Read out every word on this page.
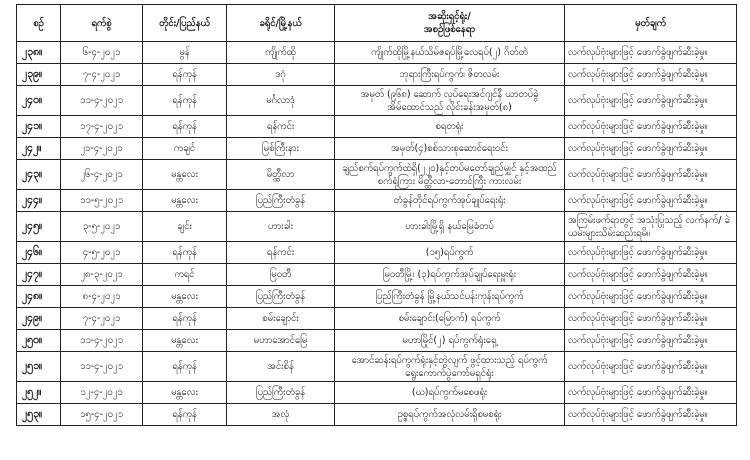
စဉ်	ရက်စွဲ	တိုင်း/ပြည်နယ်	ခရိုင်/မြို့နယ်	အဆိုးရှင့်ရုံး/
အစဉ်ဖြစ်နေရာ	မှတ်ချက်
၂၃၈။	၆-၄-၂၀၂၁	မွန်	ကျိုက်ထို	ကျိုက်ထိုမြို့နယ်သိမ်ဇရပ်မြို့လေရပ်(၂) ဂိတ်တဲ	လက်လုပ်ဗုံးများဖြင့် ဖောက်ခွဲဖျက်ဆီးခဲ့မှု။
၂၃၉။	၇-၄-၂၀၂၁	ရန်ကုန်	ဒဂုံ	ဘုရားကြီးရပ်ကွက်၊ ဇိတလမ်း	လက်လုပ်ဗုံးများဖြင့် ဖောက်ခွဲဖျက်ဆီးခဲ့မှု။
၂၄၀။	၁၁-၄-၂၀၂၁	ရန်ကုန်	မင်္ဂလာဒုံ	အမှတ် (၉၆၈) ဆောက် လုပ်ရေးအင်ဂျင်နီ ယာတပ်ခွဲ အိမ်ထောင်သည် လိုင်းခန်းအမှတ်(၈)	လက်လုပ်ဗုံးများဖြင့် ဖောက်ခွဲဖျက်ဆီးခဲ့မှု။
၂၄၁။	၁၇-၄-၂၀၂၁	ရန်ကုန်	ရန်ကင်း	စရတရုံး	လက်လုပ်ဗုံးများဖြင့် ဖောက်ခွဲဖျက်ဆီးခဲ့မှု။
၂၄၂။	၂၁-၄-၂၀၂၁	ကချင်	မြစ်ကြီးနား	အမှတ်(၄)စစ်သားစုဆောင်ရေးဝင်း	လက်လုပ်ဗုံးများဖြင့် ဖောက်ခွဲဖျက်ဆီးခဲ့မှု။
၂၄၃။	၂၆-၄-၂၀၂၁	မန္တလေး	မိတ္ထီလာ	ချည်စက်ရပ်ကွက်ထဲရှိ(၂၂၀)နှင့်တပ်မတော်ချည်မျှင် နှင့်အထည်စက်ရုံကြား မိတ္ထီလာ-တောင်ကြီး ကားလမ်း	လက်လုပ်ဗုံးများဖြင့် ဖောက်ခွဲဖျက်ဆီးခဲ့မှု။
၂၄၄။	၁၁-၅-၂၀၂၁	မန္တလေး	ပြည်ကြီးတံခွန်	တံခွန်တိုင်ရပ်ကွက်အုပ်ချုပ်ရေးရုံး	လက်လုပ်ဗုံးများဖြင့် ဖောက်ခွဲဖျက်ဆီးခဲ့မှု။
၂၄၅။	၃-၅-၂၀၂၁	ချင်း	ဟားခါး	ဟားခါးမြို့ရှိ နယ်မြေခံတပ်	အကြမ်းဖက်ရာတွင် အသုံးပြုသည့် လက်နက်/ ခဲယမ်းများသိမ်းဆည်းရမိ။
၂၄၆။	၄-၅-၂၀၂၁	ရန်ကုန်	ရန်ကင်း	(၁၅)ရပ်ကွက်	လက်လုပ်ဗုံးများဖြင့် ဖောက်ခွဲဖျက်ဆီးခဲ့မှု။
၂၄၇။	၂၈-၃-၂၀၂၁	ကရင်	မြဝတီ	မြဝတီမြို့၊ (၃)ရပ်ကွက်အုပ်ချုပ်ရေးမှူးရုံး	လက်လုပ်ဗုံးများဖြင့် ဖောက်ခွဲဖျက်ဆီးခဲ့မှု။
၂၄၈။	၈-၄-၂၀၂၁	မန္တလေး	ပြည်ကြီးတံခွန်	ပြည်ကြီးတံခွန် မြို့နယ်သင်ပန်းကုန်းရပ်ကွက်	လက်လုပ်ဗုံးများဖြင့် ဖောက်ခွဲဖျက်ဆီးခဲ့မှု။
၂၄၉။	၇-၄-၂၀၂၁	ရန်ကုန်	စမ်းချောင်း	စမ်းချောင်း(မြောက်) ရပ်ကွက်	လက်လုပ်ဗုံးများဖြင့် ဖောက်ခွဲဖျက်ဆီးခဲ့မှု။
၂၅၀။	၁၁-၄-၂၀၂၁	မန္တလေး	မဟာအောင်မြေ	မဟာမြိုင်(၂) ရပ်ကွက်ရုံးရှေ့	လက်လုပ်ဗုံးများဖြင့် ဖောက်ခွဲဖျက်ဆီးခဲ့မှု။
၂၅၁။	၁၁-၄-၂၀၂၁	ရန်ကုန်	အင်းစိန်	အောင်ဆန်းရပ်ကွက်ရုံးနှင့်တွဲလျက် ဖွင့်ထားသည့် ရပ်ကွက်ရွေးကောက်ပွဲကော်မရှင်ရုံး	လက်လုပ်ဗုံးများဖြင့် ဖောက်ခွဲဖျက်ဆီးခဲ့မှု။
၂၅၂။	၁၂-၄-၂၀၂၁	မန္တလေး	ပြည်ကြီးတံခွန်	(ဃ)ရပ်ကွက်မစေဖရုံး	လက်လုပ်ဗုံးများဖြင့် ဖောက်ခွဲဖျက်ဆီးခဲ့မှု။
၂၅၃။	၁၅-၄-၂၀၂၁	ရန်ကုန်	အလုံ	ဥစ္စရပ်ကွက်အလုံလမ်းရှိစမစရုံး	လက်လုပ်ဗုံးများဖြင့် ဖောက်ခွဲဖျက်ဆီးခဲ့မှု။
